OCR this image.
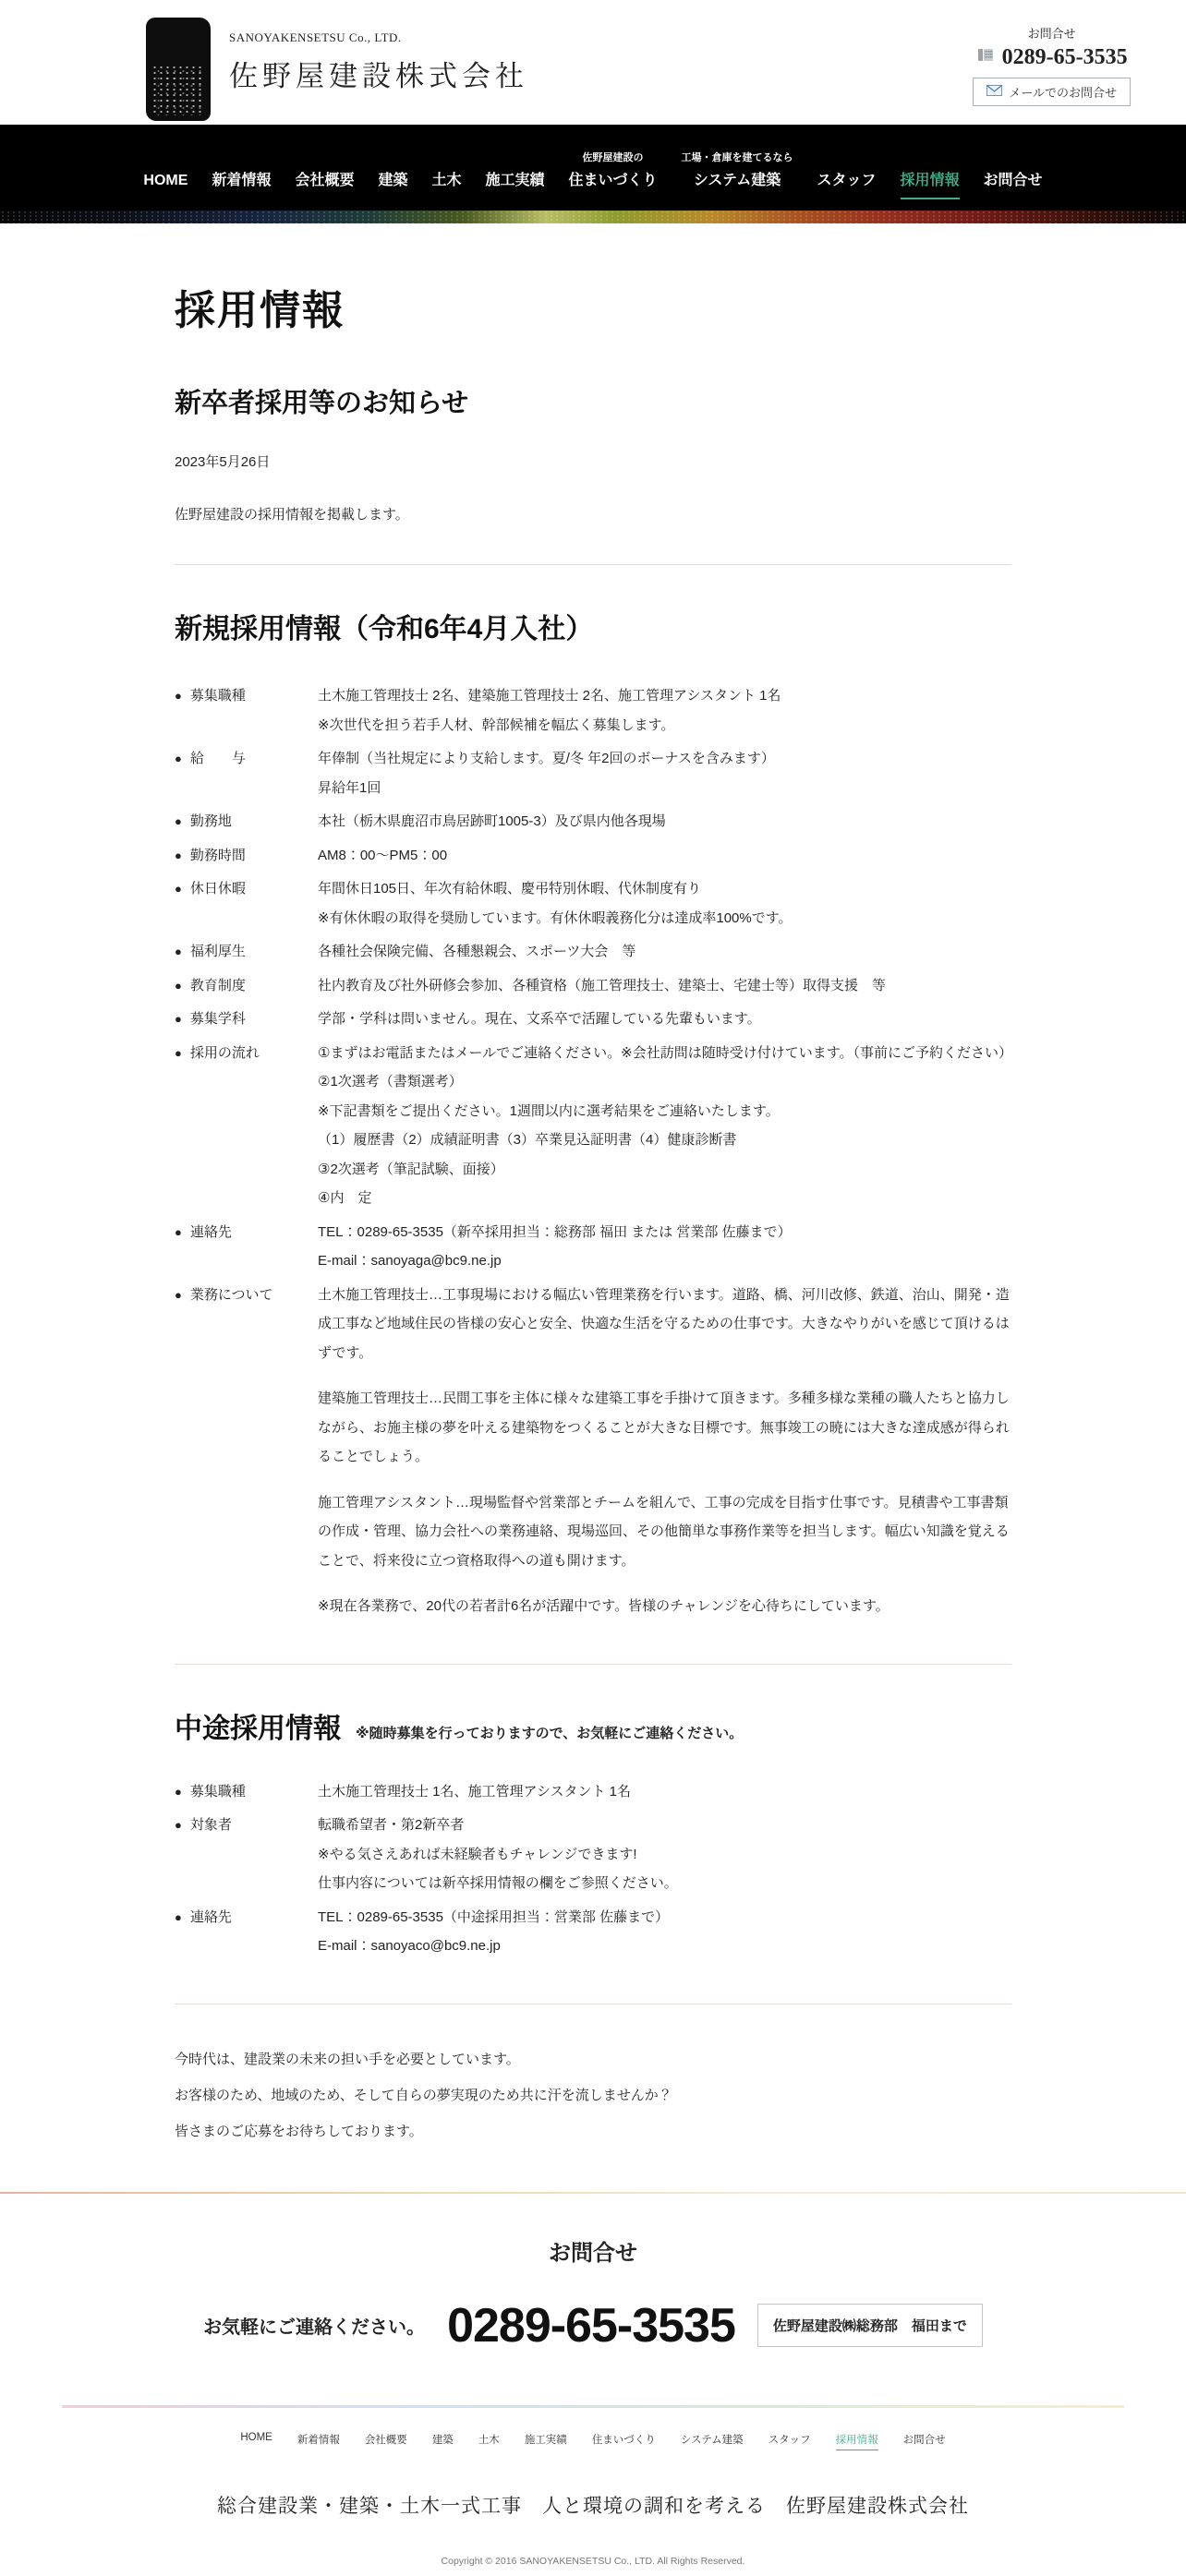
SANOYAKENSETSU Co., LTD.
佐野屋建設株式会社
お問合せ
0289-65-3535
メールでのお問合せ
HOME 新着情報 会社概要 建築 土木 施工実績
佐野屋建設の
住まいづくり
工場・倉庫を建てるなら
システム建築 スタッフ 採用情報 お問合せ
採用情報
新卒者採用等のお知らせ
2023年5月26日
佐野屋建設の採用情報を掲載します。
新規採用情報（令和6年4月入社）
● 募集職種	土木施工管理技士 2名、建築施工管理技士 2名、施工管理アシスタント 1名
※次世代を担う若手人材、幹部候補を幅広く募集します。
● 給　　与	年俸制（当社規定により支給します。夏/冬 年2回のボーナスを含みます）
昇給年1回
● 勤務地	本社（栃木県鹿沼市鳥居跡町1005-3）及び県内他各現場
● 勤務時間	AM8：00～PM5：00
● 休日休暇	年間休日105日、年次有給休暇、慶弔特別休暇、代休制度有り
※有休休暇の取得を奨励しています。有休休暇義務化分は達成率100%です。
● 福利厚生	各種社会保険完備、各種懇親会、スポーツ大会　等
● 教育制度	社内教育及び社外研修会参加、各種資格（施工管理技士、建築士、宅建士等）取得支援　等
● 募集学科	学部・学科は問いません。現在、文系卒で活躍している先輩もいます。
● 採用の流れ	①まずはお電話またはメールでご連絡ください。※会社訪問は随時受け付けています。（事前にご予約ください）
②1次選考（書類選考）
※下記書類をご提出ください。1週間以内に選考結果をご連絡いたします。
（1）履歴書（2）成績証明書（3）卒業見込証明書（4）健康診断書
③2次選考（筆記試験、面接）
④内　定
● 連絡先	TEL：0289-65-3535（新卒採用担当：総務部 福田 または 営業部 佐藤まで）
E-mail：sanoyaga@bc9.ne.jp
● 業務について	土木施工管理技士…工事現場における幅広い管理業務を行います。道路、橋、河川改修、鉄道、治山、開発・造成工事など地域住民の皆様の安心と安全、快適な生活を守るための仕事です。大きなやりがいを感じて頂けるはずです。
建築施工管理技士…民間工事を主体に様々な建築工事を手掛けて頂きます。多種多様な業種の職人たちと協力しながら、お施主様の夢を叶える建築物をつくることが大きな目標です。無事竣工の暁には大きな達成感が得られることでしょう。
施工管理アシスタント…現場監督や営業部とチームを組んで、工事の完成を目指す仕事です。見積書や工事書類の作成・管理、協力会社への業務連絡、現場巡回、その他簡単な事務作業等を担当します。幅広い知識を覚えることで、将来役に立つ資格取得への道も開けます。
※現在各業務で、20代の若者計6名が活躍中です。皆様のチャレンジを心待ちにしています。
中途採用情報 ※随時募集を行っておりますので、お気軽にご連絡ください。
● 募集職種	土木施工管理技士 1名、施工管理アシスタント 1名
● 対象者	転職希望者・第2新卒者
※やる気さえあれば未経験者もチャレンジできます!
仕事内容については新卒採用情報の欄をご参照ください。
● 連絡先	TEL：0289-65-3535（中途採用担当：営業部 佐藤まで）
E-mail：sanoyaco@bc9.ne.jp
今時代は、建設業の未来の担い手を必要としています。
お客様のため、地域のため、そして自らの夢実現のため共に汗を流しませんか？
皆さまのご応募をお待ちしております。
お問合せ
お気軽にご連絡ください。 0289-65-3535	佐野屋建設㈱総務部　福田まで
HOME 新着情報 会社概要 建築 土木 施工実績 住まいづくり システム建築 スタッフ 採用情報 お問合せ
総合建設業・建築・土木一式工事　人と環境の調和を考える　佐野屋建設株式会社
Copyright © 2016 SANOYAKENSETSU Co., LTD. All Rights Reserved.
